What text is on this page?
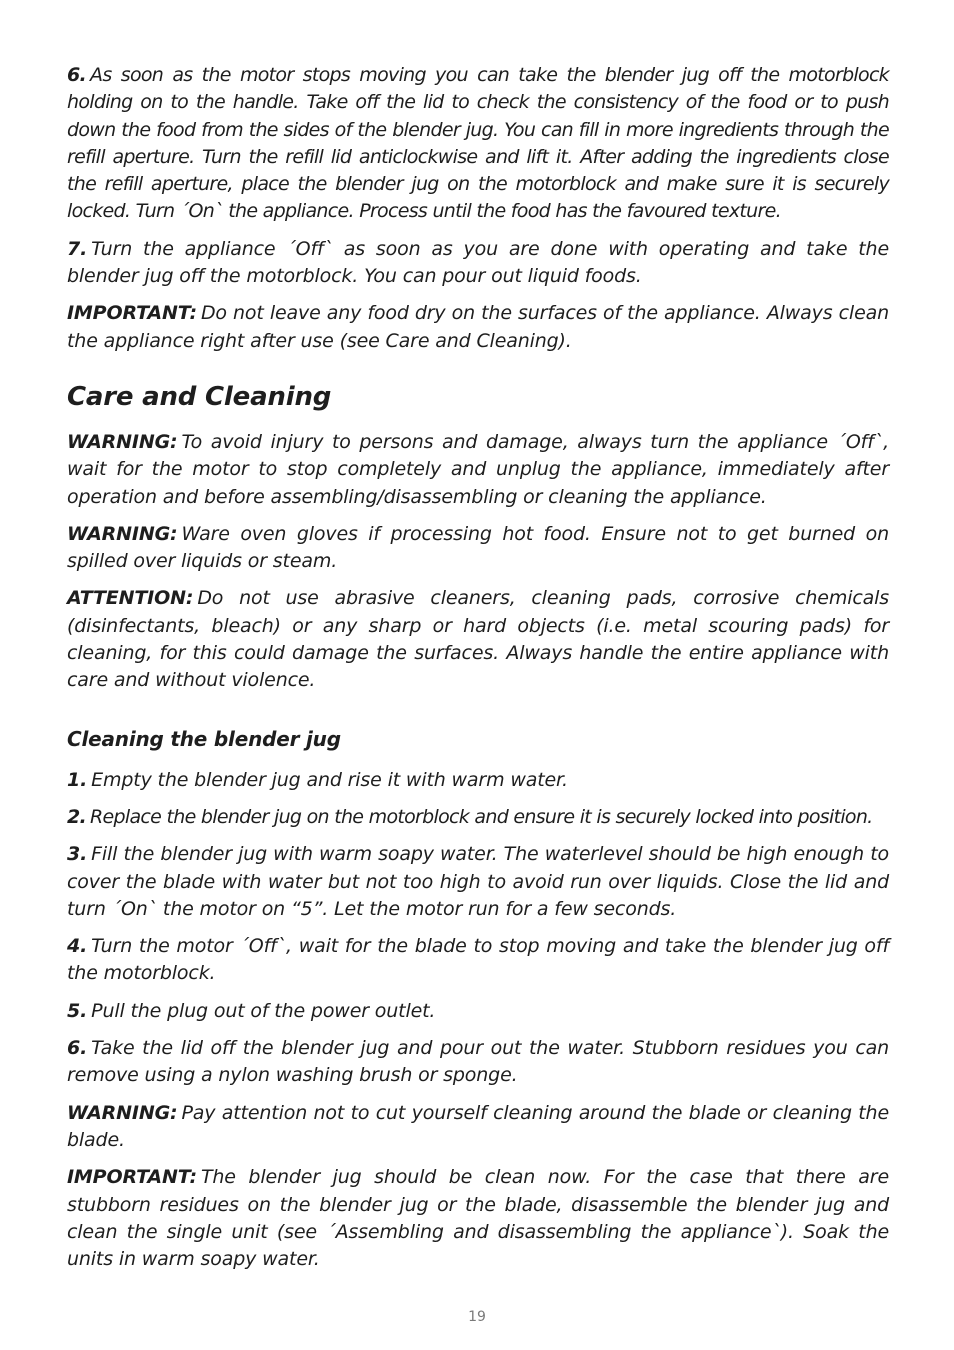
6. As soon as the motor stops moving you can take the blender jug off the motorblock holding on to the handle. Take off the lid to check the consistency of the food or to push down the food from the sides of the blender jug. You can fill in more ingredients through the refill aperture. Turn the refill lid anticlockwise and lift it. After adding the ingredients close the refill aperture, place the blender jug on the motorblock and make sure it is securely locked. Turn ´On` the appliance. Process until the food has the favoured texture.

7. Turn the appliance ´Off` as soon as you are done with operating and take the blender jug off the motorblock. You can pour out liquid foods.

IMPORTANT: Do not leave any food dry on the surfaces of the appliance. Always clean the appliance right after use (see Care and Cleaning).

Care and Cleaning

WARNING: To avoid injury to persons and damage, always turn the appliance ´Off`, wait for the motor to stop completely and unplug the appliance, immediately after operation and before assembling/disassembling or cleaning the appliance.

WARNING: Ware oven gloves if processing hot food. Ensure not to get burned on spilled over liquids or steam.

ATTENTION: Do not use abrasive cleaners, cleaning pads, corrosive chemicals (disinfectants, bleach) or any sharp or hard objects (i.e. metal scouring pads) for cleaning, for this could damage the surfaces. Always handle the entire appliance with care and without violence.

Cleaning the blender jug

1. Empty the blender jug and rise it with warm water.

2. Replace the blender jug on the motorblock and ensure it is securely locked into position.

3. Fill the blender jug with warm soapy water. The waterlevel should be high enough to cover the blade with water but not too high to avoid run over liquids. Close the lid and turn ´On` the motor on “5”. Let the motor run for a few seconds.

4. Turn the motor ´Off`, wait for the blade to stop moving and take the blender jug off the motorblock.

5. Pull the plug out of the power outlet.

6. Take the lid off the blender jug and pour out the water. Stubborn residues you can remove using a nylon washing brush or sponge.

WARNING: Pay attention not to cut yourself cleaning around the blade or cleaning the blade.

IMPORTANT: The blender jug should be clean now. For the case that there are stubborn residues on the blender jug or the blade, disassemble the blender jug and clean the single unit (see ´Assembling and disassembling the appliance`). Soak the units in warm soapy water.

19
